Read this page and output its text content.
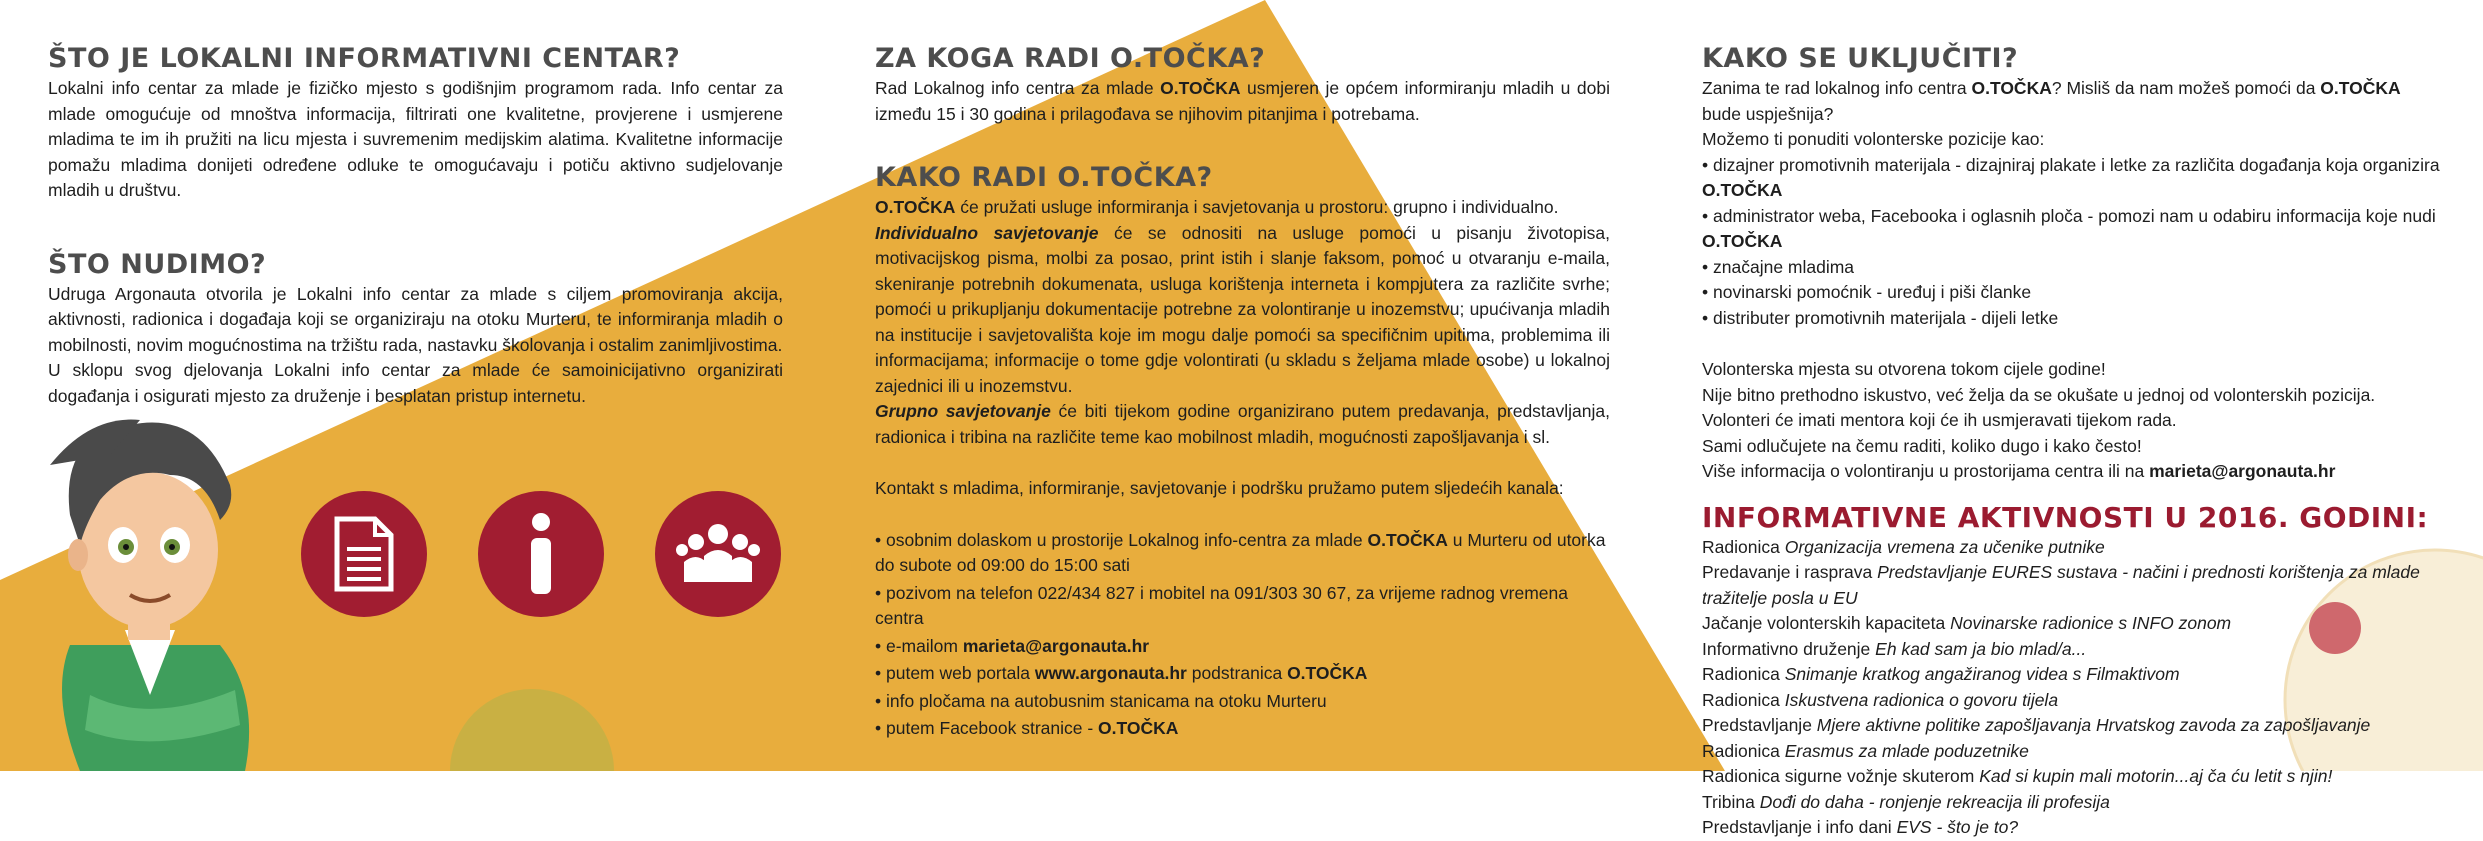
ŠTO JE LOKALNI INFORMATIVNI CENTAR?

Lokalni info centar za mlade je fizičko mjesto s godišnjim programom rada. Info centar za mlade omogućuje od mnoštva informacija, filtrirati one kvalitetne, provjerene i usmjerene mladima te im ih pružiti na licu mjesta i suvremenim medijskim alatima. Kvalitetne informacije pomažu mladima donijeti određene odluke te omogućavaju i potiču aktivno sudjelovanje mladih u društvu.

ŠTO NUDIMO?

Udruga Argonauta otvorila je Lokalni info centar za mlade s ciljem promoviranja akcija, aktivnosti, radionica i događaja koji se organiziraju na otoku Murteru, te informiranja mladih o mobilnosti, novim mogućnostima na tržištu rada, nastavku školovanja i ostalim zanimljivostima.

U sklopu svog djelovanja Lokalni info centar za mlade će samoinicijativno organizirati događanja i osigurati mjesto za druženje i besplatan pristup internetu.

ZA KOGA RADI O.TOČKA?

Rad Lokalnog info centra za mlade O.TOČKA usmjeren je općem informiranju mladih u dobi između 15 i 30 godina i prilagođava se njihovim pitanjima i potrebama.

KAKO RADI O.TOČKA?

O.TOČKA će pružati usluge informiranja i savjetovanja u prostoru: grupno i individualno.

Individualno savjetovanje će se odnositi na usluge pomoći u pisanju životopisa, motivacijskog pisma, molbi za posao, print istih i slanje faksom, pomoć u otvaranju e-maila, skeniranje potrebnih dokumenata, usluga korištenja interneta i kompjutera za različite svrhe; pomoći u prikupljanju dokumentacije potrebne za volontiranje u inozemstvu; upućivanja mladih na institucije i savjetovališta koje im mogu dalje pomoći sa specifičnim upitima, problemima ili informacijama; informacije o tome gdje volontirati (u skladu s željama mlade osobe) u lokalnoj zajednici ili u inozemstvu.

Grupno savjetovanje će biti tijekom godine organizirano putem predavanja, predstavljanja, radionica i tribina na različite teme kao mobilnost mladih, mogućnosti zapošljavanja i sl.

Kontakt s mladima, informiranje, savjetovanje i podršku pružamo putem sljedećih kanala:

• osobnim dolaskom u prostorije Lokalnog info-centra za mlade O.TOČKA u Murteru od utorka do subote od 09:00 do 15:00 sati
• pozivom na telefon 022/434 827 i mobitel na 091/303 30 67, za vrijeme radnog vremena centra
• e-mailom marieta@argonauta.hr
• putem web portala www.argonauta.hr podstranica O.TOČKA
• info pločama na autobusnim stanicama na otoku Murteru
• putem Facebook stranice - O.TOČKA
KAKO SE UKLJUČITI?

Zanima te rad lokalnog info centra O.TOČKA? Misliš da nam možeš pomoći da O.TOČKA bude uspješnija?

Možemo ti ponuditi volonterske pozicije kao:

• dizajner promotivnih materijala - dizajniraj plakate i letke za različita događanja koja organizira O.TOČKA
• administrator weba, Facebooka i oglasnih ploča - pomozi nam u odabiru informacija koje nudi O.TOČKA
• značajne mladima
• novinarski pomoćnik - uređuj i piši članke
• distributer promotivnih materijala - dijeli letke

Volonterska mjesta su otvorena tokom cijele godine!

Nije bitno prethodno iskustvo, već želja da se okušate u jednoj od volonterskih pozicija.

Volonteri će imati mentora koji će ih usmjeravati tijekom rada.

Sami odlučujete na čemu raditi, koliko dugo i kako često!

Više informacija o volontiranju u prostorijama centra ili na marieta@argonauta.hr

INFORMATIVNE AKTIVNOSTI U 2016. GODINI:

Radionica Organizacija vremena za učenike putnike

Predavanje i rasprava Predstavljanje EURES sustava - načini i prednosti korištenja za mlade tražitelje posla u EU

Jačanje volonterskih kapaciteta Novinarske radionice s INFO zonom

Informativno druženje Eh kad sam ja bio mlad/a...

Radionica Snimanje kratkog angažiranog videa s Filmaktivom

Radionica Iskustvena radionica o govoru tijela

Predstavljanje Mjere aktivne politike zapošljavanja Hrvatskog zavoda za zapošljavanje

Radionica Erasmus za mlade poduzetnike

Radionica sigurne vožnje skuterom Kad si kupin mali motorin...aj ča ću letit s njin!

Tribina Dođi do daha - ronjenje rekreacija ili profesija

Predstavljanje i info dani EVS - što je to?
